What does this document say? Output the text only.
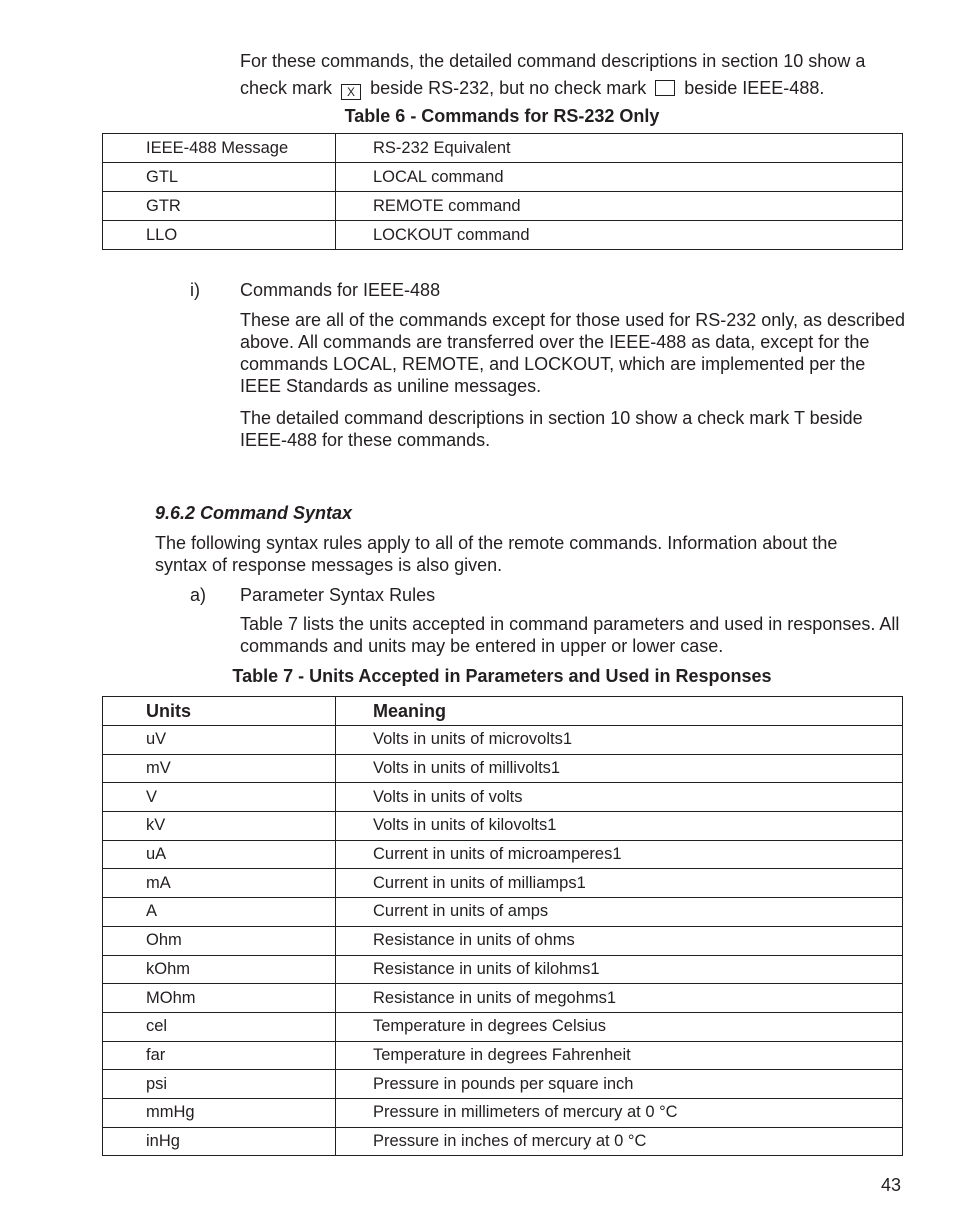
For these commands, the detailed command descriptions in section 10 show a
check mark X beside RS-232, but no check mark beside IEEE-488.
Table 6 - Commands for RS-232 Only
IEEE-488 Message	RS-232 Equivalent
GTL	LOCAL command
GTR	REMOTE command
LLO	LOCKOUT command

i) Commands for IEEE-488

These are all of the commands except for those used for RS-232 only, as described above. All commands are transferred over the IEEE-488 as data, except for the commands LOCAL, REMOTE, and LOCKOUT, which are implemented per the IEEE Standards as uniline messages.

The detailed command descriptions in section 10 show a check mark T beside IEEE-488 for these commands.

9.6.2 Command Syntax

The following syntax rules apply to all of the remote commands. Information about the syntax of response messages is also given.

a) Parameter Syntax Rules

Table 7 lists the units accepted in command parameters and used in responses. All commands and units may be entered in upper or lower case.

Table 7 - Units Accepted in Parameters and Used in Responses
Units	Meaning
uV	Volts in units of microvolts1
mV	Volts in units of millivolts1
V	Volts in units of volts
kV	Volts in units of kilovolts1
uA	Current in units of microamperes1
mA	Current in units of milliamps1
A	Current in units of amps
Ohm	Resistance in units of ohms
kOhm	Resistance in units of kilohms1
MOhm	Resistance in units of megohms1
cel	Temperature in degrees Celsius
far	Temperature in degrees Fahrenheit
psi	Pressure in pounds per square inch
mmHg	Pressure in millimeters of mercury at 0 °C
inHg	Pressure in inches of mercury at 0 °C

43
